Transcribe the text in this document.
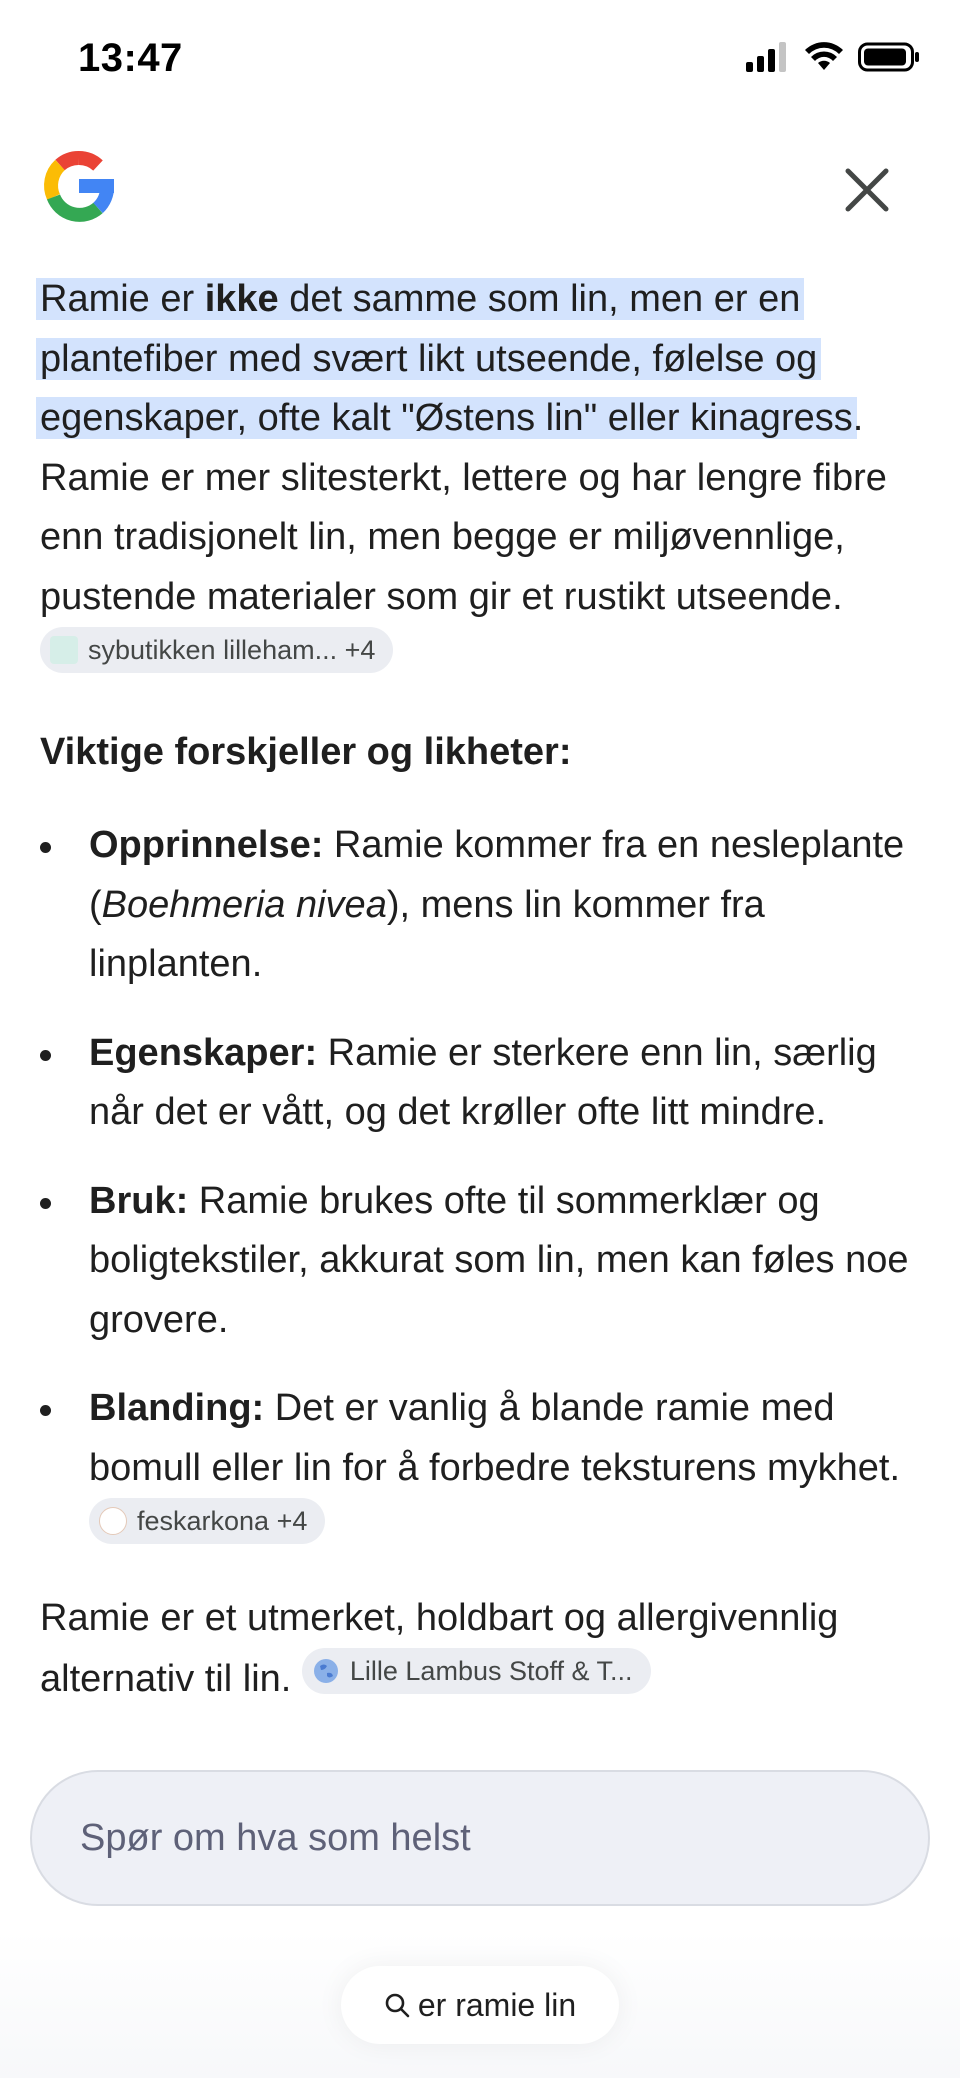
13:47

Ramie er ikke det samme som lin, men er en plantefiber med svært likt utseende, følelse og egenskaper, ofte kalt "Østens lin" eller kinagress. Ramie er mer slitesterkt, lettere og har lengre fibre enn tradisjonelt lin, men begge er miljøvennlige, pustende materialer som gir et rustikt utseende.
sybutikken lilleham... +4

Viktige forskjeller og likheter:
Opprinnelse: Ramie kommer fra en nesleplante (Boehmeria nivea), mens lin kommer fra linplanten.
Egenskaper: Ramie er sterkere enn lin, særlig når det er vått, og det krøller ofte litt mindre.
Bruk: Ramie brukes ofte til sommerklær og boligtekstiler, akkurat som lin, men kan føles noe grovere.
Blanding: Det er vanlig å blande ramie med bomull eller lin for å forbedre teksturens mykhet.
feskarkona +4

Ramie er et utmerket, holdbart og allergivennlig alternativ til lin. Lille Lambus Stoff & T...

Spør om hva som helst
er ramie lin
